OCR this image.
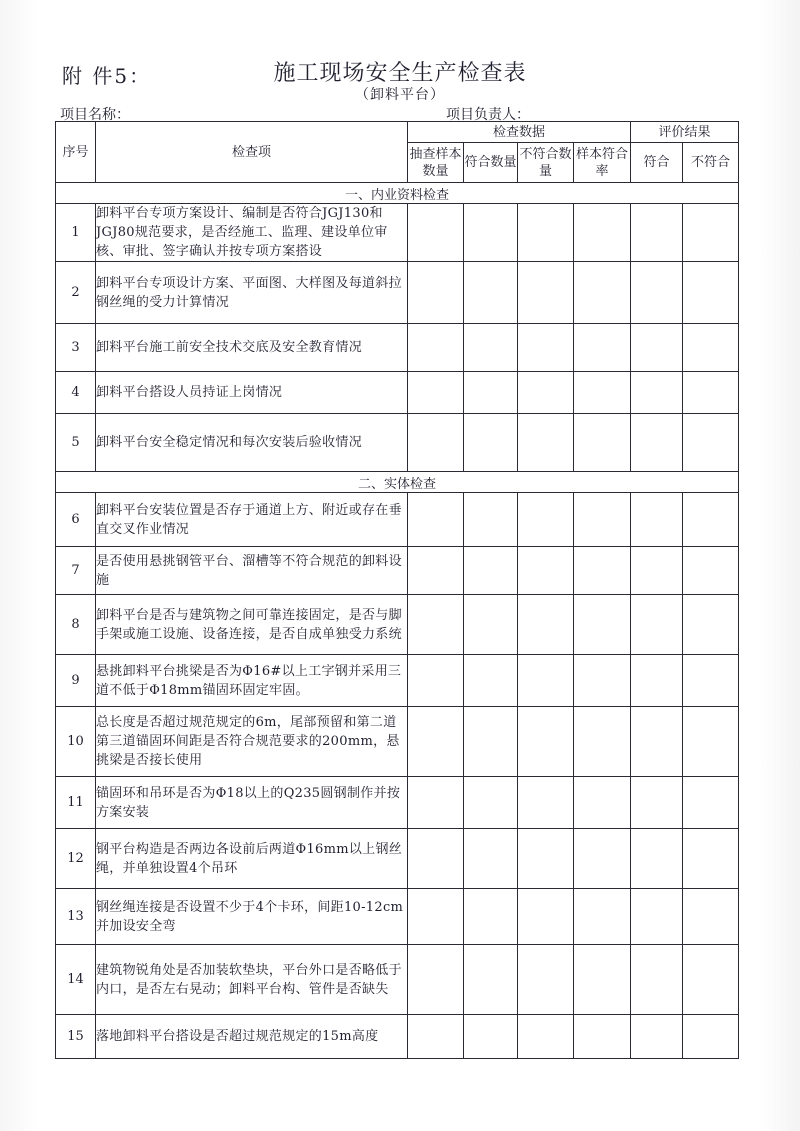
附 件5：	施工现场安全生产检查表
（卸料平台）
项目名称：	项目负责人：
序号	检查项	检查数据				评价结果	
		抽查样本数量	符合数量	不符合数量	样本符合率	符合	不符合
一、内业资料检查							
1	卸料平台专项方案设计、编制是否符合JGJ130和JGJ80规范要求，是否经施工、监理、建设单位审核、审批、签字确认并按专项方案搭设						
2	卸料平台专项设计方案、平面图、大样图及每道斜拉钢丝绳的受力计算情况						
3	卸料平台施工前安全技术交底及安全教育情况						
4	卸料平台搭设人员持证上岗情况						
5	卸料平台安全稳定情况和每次安装后验收情况						
二、实体检查							
6	卸料平台安装位置是否存于通道上方、附近或存在垂直交叉作业情况						
7	是否使用悬挑钢管平台、溜槽等不符合规范的卸料设施						
8	卸料平台是否与建筑物之间可靠连接固定，是否与脚手架或施工设施、设备连接，是否自成单独受力系统						
9	悬挑卸料平台挑梁是否为Φ16#以上工字钢并采用三道不低于Φ18mm锚固环固定牢固。						
10	总长度是否超过规范规定的6m，尾部预留和第二道第三道锚固环间距是否符合规范要求的200mm，悬挑梁是否接长使用						
11	锚固环和吊环是否为Φ18以上的Q235圆钢制作并按方案安装						
12	钢平台构造是否两边各设前后两道Φ16mm以上钢丝绳，并单独设置4个吊环						
13	钢丝绳连接是否设置不少于4个卡环，间距10-12cm并加设安全弯						
14	建筑物锐角处是否加装软垫块，平台外口是否略低于内口，是否左右晃动；卸料平台构、管件是否缺失						
15	落地卸料平台搭设是否超过规范规定的15m高度						
